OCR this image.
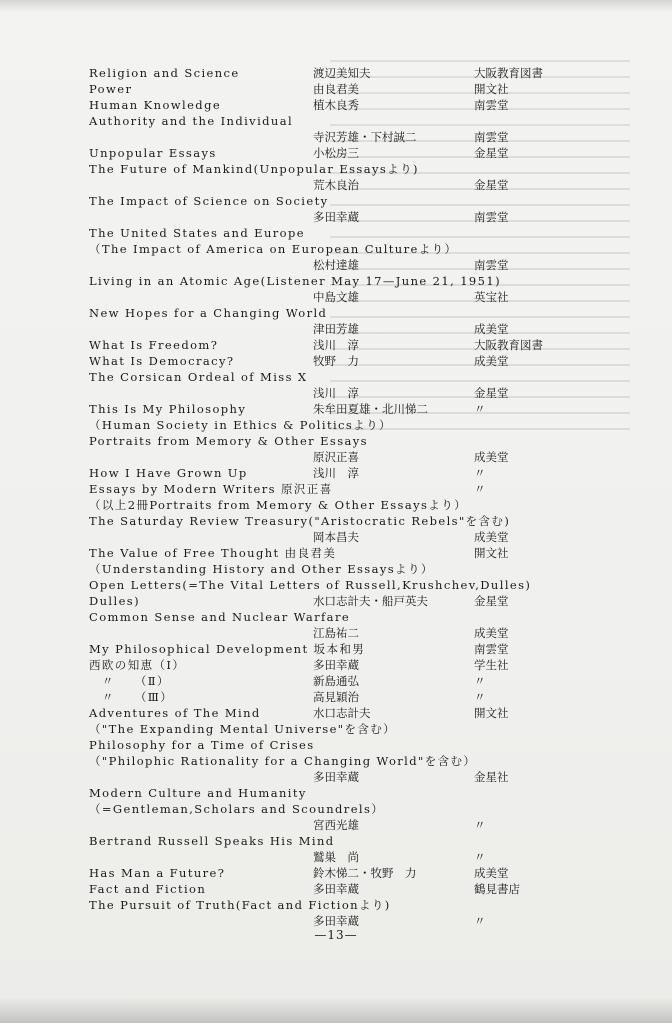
Religion and Science	渡辺美知夫	大阪教育図書
Power	由良君美	開文社
Human Knowledge	植木良秀	南雲堂
Authority and the Individual
寺沢芳雄・下村誠二	南雲堂
Unpopular Essays	小松房三	金星堂
The Future of Mankind(Unpopular Essaysより)
荒木良治	金星堂
The Impact of Science on Society
多田幸蔵	南雲堂
The United States and Europe
（The Impact of America on European Cultureより）
松村達雄	南雲堂
Living in an Atomic Age(Listener May 17—June 21, 1951)
中島文雄	英宝社
New Hopes for a Changing World
津田芳雄	成美堂
What Is Freedom?	浅川　淳	大阪教育図書
What Is Democracy?	牧野　力	成美堂
The Corsican Ordeal of Miss X
浅川　淳	金星堂
This Is My Philosophy	朱牟田夏雄・北川悌二	〃
（Human Society in Ethics & Politicsより）
Portraits from Memory & Other Essays
原沢正喜	成美堂
How I Have Grown Up	浅川　淳	〃
Essays by Modern Writers 原沢正喜	〃
（以上2冊Portraits from Memory & Other Essaysより）
The Saturday Review Treasury("Aristocratic Rebels"を含む)
岡本昌夫	成美堂
The Value of Free Thought 由良君美	開文社
（Understanding History and Other Essaysより）
Open Letters(=The Vital Letters of Russell,Krushchev,Dulles)
Dulles)	水口志計夫・船戸英夫	金星堂
Common Sense and Nuclear Warfare
江島祐二	成美堂
My Philosophical Development 坂本和男	南雲堂
西欧の知恵（Ⅰ）	多田幸蔵	学生社
　〃　　（Ⅱ）	新島通弘	〃
　〃　　（Ⅲ）	高見穎治	〃
Adventures of The Mind	水口志計夫	開文社
（"The Expanding Mental Universe"を含む）
Philosophy for a Time of Crises
（"Philophic Rationality for a Changing World"を含む）
多田幸蔵	金星社
Modern Culture and Humanity
（=Gentleman,Scholars and Scoundrels）
宮西光雄	〃
Bertrand Russell Speaks His Mind
鷲巣　尚	〃
Has Man a Future?	鈴木悌二・牧野　力	成美堂
Fact and Fiction	多田幸蔵	鶴見書店
The Pursuit of Truth(Fact and Fictionより)
多田幸蔵	〃
—13—
